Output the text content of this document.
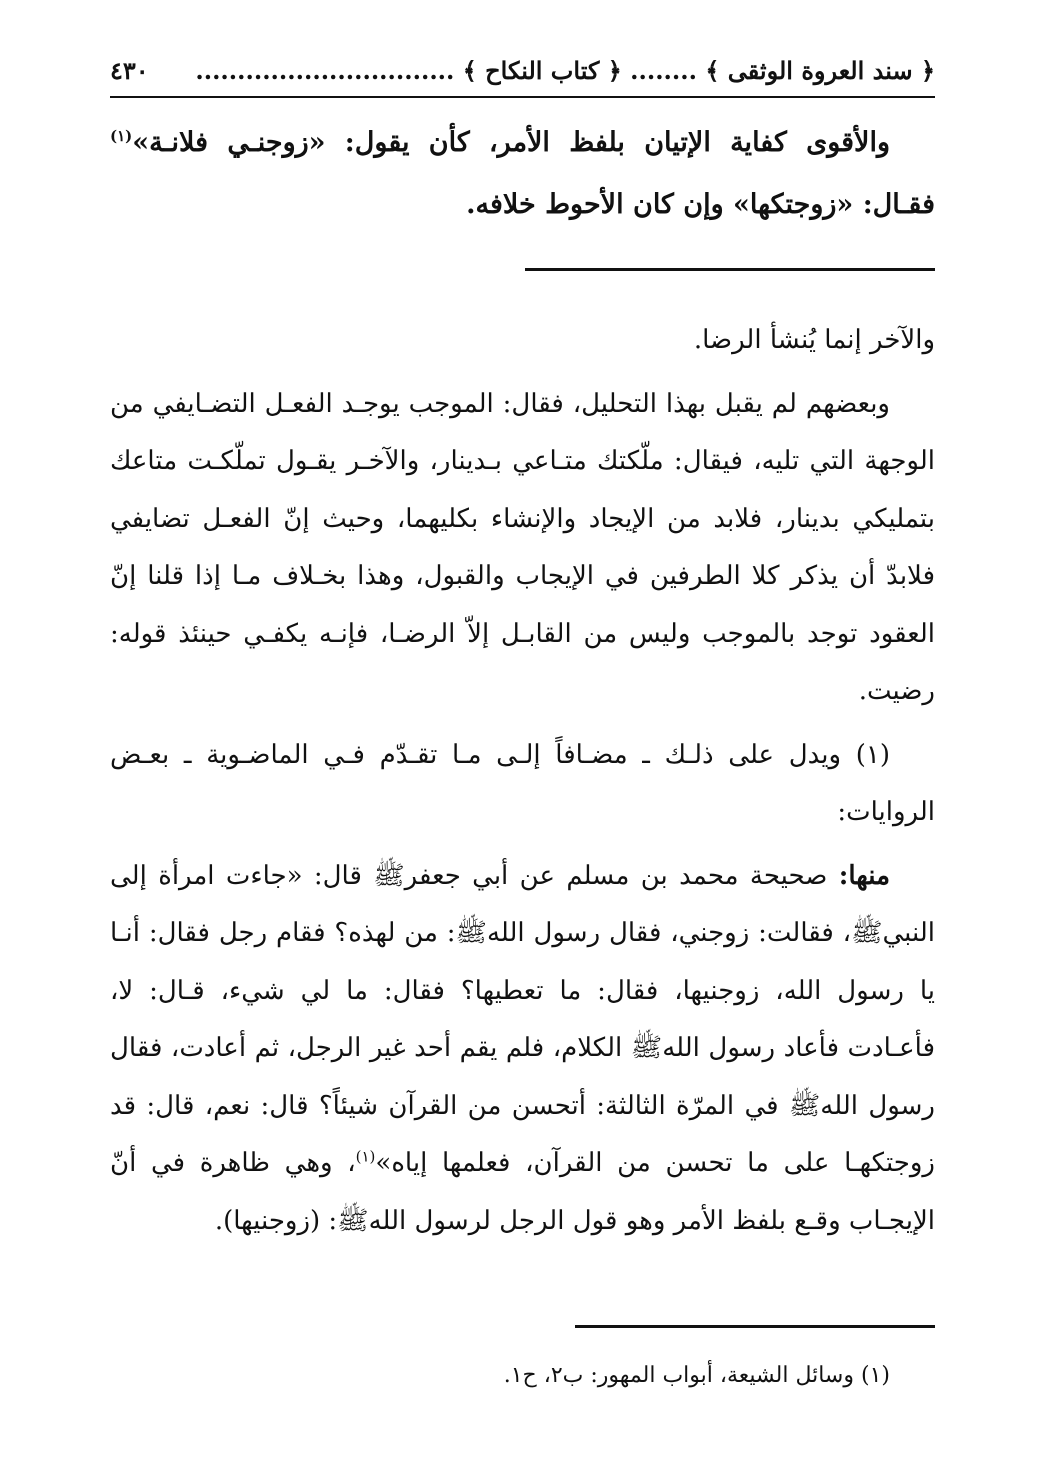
﴿ سند العروة الوثقى ﴾ ........ ﴿ كتاب النكاح ﴾ ...............................
٤٣٠

والأقوى كفاية الإتيان بلفظ الأمر، كأن يقول: «زوجنـي فلانـة»$^{(١)}$ فقـال: «زوجتكها» وإن كان الأحوط خلافه.

والآخر إنما يُنشأ الرضا.

وبعضهم لم يقبل بهذا التحليل، فقال: الموجب يوجـد الفعـل التضـايفي من الوجهة التي تليه، فيقال: ملّكتك متـاعي بـدينار، والآخـر يقـول تملّكـت متاعك بتمليكي بدينار، فلابد من الإيجاد والإنشاء بكليهما، وحيث إنّ الفعـل تضايفي فلابدّ أن يذكر كلا الطرفين في الإيجاب والقبول، وهذا بخـلاف مـا إذا قلنا إنّ العقود توجد بالموجب وليس من القابـل إلاّ الرضـا، فإنـه يكفـي حينئذ قوله: رضيت.

(١) ويدل على ذلـك ـ مضـافاً إلـى مـا تقـدّم فـي الماضـوية ـ بعـض الروايات:

منها: صحيحة محمد بن مسلم عن أبي جعفرﷺ قال: «جاءت امرأة إلى النبيﷺ، فقالت: زوجني، فقال رسول اللهﷺ: من لهذه؟ فقام رجل فقال: أنـا يا رسول الله، زوجنيها، فقال: ما تعطيها؟ فقال: ما لي شيء، قـال: لا، فأعـادت فأعاد رسول اللهﷺ الكلام، فلم يقم أحد غير الرجل، ثم أعادت، فقال رسول اللهﷺ في المرّة الثالثة: أتحسن من القرآن شيئاً؟ قال: نعم، قال: قد زوجتكهـا على ما تحسن من القرآن، فعلمها إياه»$^{(١)}$، وهي ظاهرة في أنّ الإيجـاب وقـع بلفظ الأمر وهو قول الرجل لرسول اللهﷺ: (زوجنيها).

(١) وسائل الشيعة، أبواب المهور: ب٢، ح١.
